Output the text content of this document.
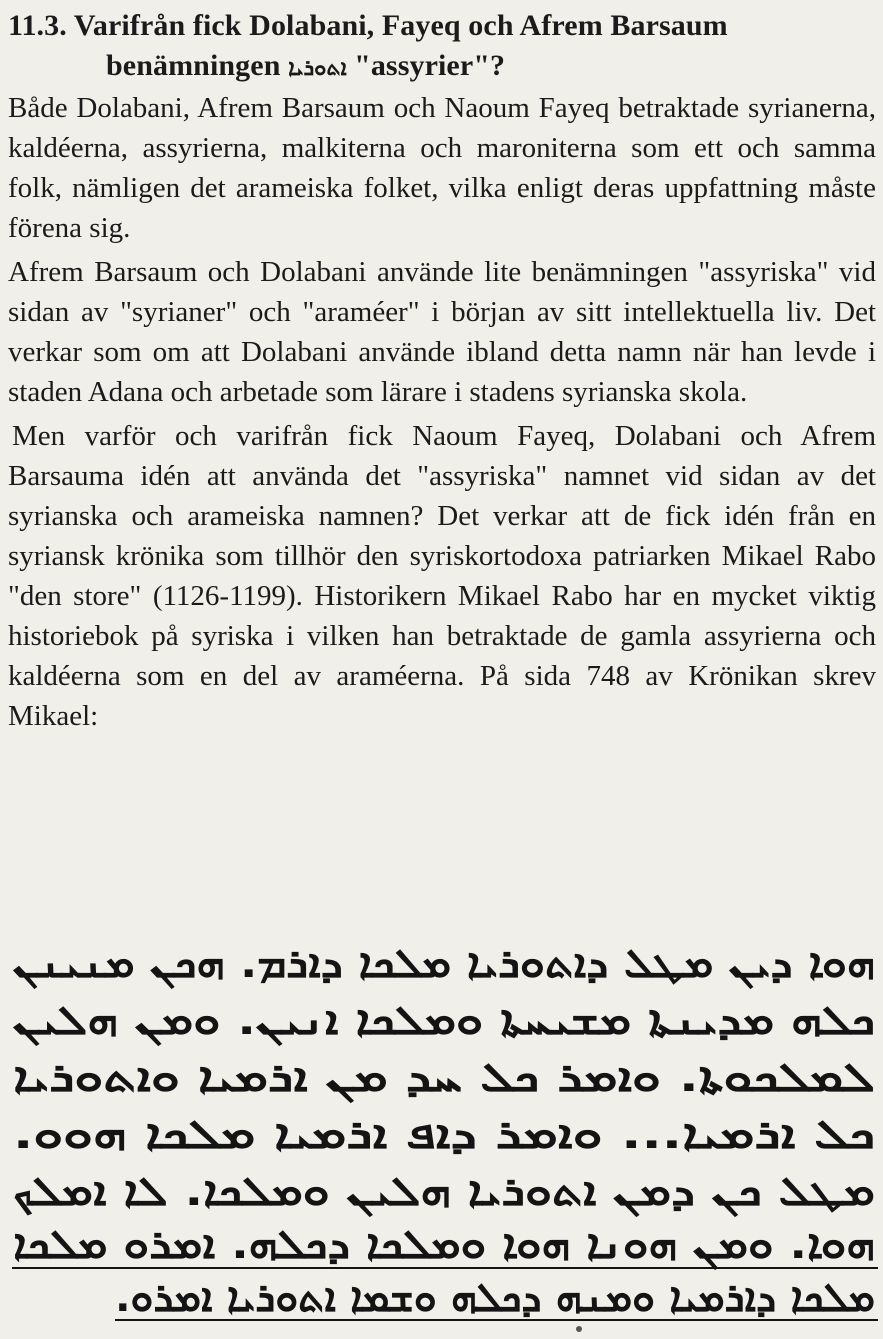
11.3. Varifrån fick Dolabani, Fayeq och Afrem Barsaum
benämningen ܐܬܘܪܝܐ "assyrier"?

Både Dolabani, Afrem Barsaum och Naoum Fayeq betraktade syrianerna, kaldéerna, assyrierna, malkiterna och maroniterna som ett och samma folk, nämligen det arameiska folket, vilka enligt deras uppfattning måste förena sig.

Afrem Barsaum och Dolabani använde lite benämningen "assyriska" vid sidan av "syrianer" och "araméer" i början av sitt intellektuella liv. Det verkar som om att Dolabani använde ibland detta namn när han levde i staden Adana och arbetade som lärare i stadens syrianska skola.

Men varför och varifrån fick Naoum Fayeq, Dolabani och Afrem Barsauma idén att använda det "assyriska" namnet vid sidan av det syrianska och arameiska namnen? Det verkar att de fick idén från en syriansk krönika som tillhör den syriskortodoxa patriarken Mikael Rabo "den store" (1126-1199). Historikern Mikael Rabo har en mycket viktig historiebok på syriska i vilken han betraktade de gamla assyrierna och kaldéerna som en del av araméerna. På sida 748 av Krönikan skrev Mikael:

ܗܘܐ ܕܝܢ ܡܛܠ ܕܐܬܘܪܝܐ ܡܠܟܐ ܕܐܪܡ. ܗܟܢ ܡܢܝܢܢ
ܟܠܗ ܡܕܝܢܬܐ ܡܫܝܚܬܐ ܘܡܠܟܐ ܐܢܝܢ. ܘܡܢ ܗܠܝܢ
ܠܡܠܟܘܬܐ. ܘܐܡܪ ܟܠ ܚܕ ܡܢ ܐܪܡܝܐ ܘܐܬܘܪܝܐ
ܟܠ ܐܪܡܝܐ... ܘܐܡܪ ܕܐܦ ܐܪܡܝܐ ܡܠܟܐ ܗܘܘ.
ܡܛܠ ܟܢ ܕܡܢ ܐܬܘܪܝܐ ܗܠܝܢ ܘܡܠܟܐ. ܠܐ ܐܡܠܟ
ܗܘܐ. ܘܡܢ ܗܘܢܐ ܗܘܐ ܘܡܠܟܐ ܕܟܠܗ. ܐܡܪܘ ܡܠܟܐ
ܡܠܟܐ ܕܐܪܡܝܐ ܘܡܢܗ ܕܟܠܗ ܘܫܡܐ ܐܬܘܪܝܐ ܐܡܪܘ.
